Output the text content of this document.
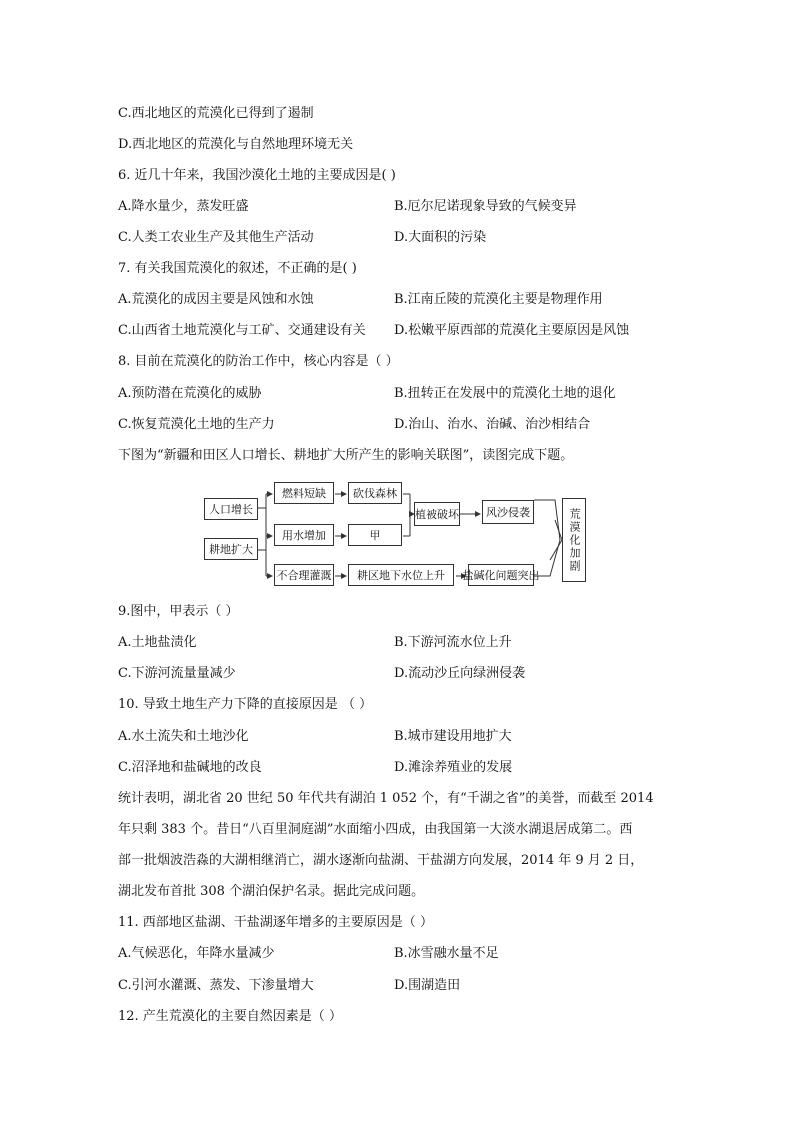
C.西北地区的荒漠化已得到了遏制
D.西北地区的荒漠化与自然地理环境无关
6. 近几十年来，我国沙漠化土地的主要成因是( )
A.降水量少，蒸发旺盛	B.厄尔尼诺现象导致的气候变异
C.人类工农业生产及其他生产活动	D.大面积的污染
7. 有关我国荒漠化的叙述，不正确的是( )
A.荒漠化的成因主要是风蚀和水蚀	B.江南丘陵的荒漠化主要是物理作用
C.山西省土地荒漠化与工矿、交通建设有关 D.松嫩平原西部的荒漠化主要原因是风蚀
8. 目前在荒漠化的防治工作中，核心内容是（ ）
A.预防潜在荒漠化的威胁	B.扭转正在发展中的荒漠化土地的退化
C.恢复荒漠化土地的生产力	D.治山、治水、治碱、治沙相结合
下图为“新疆和田区人口增长、耕地扩大所产生的影响关联图”，读图完成下题。
人口增长
耕地扩大
燃料短缺
用水增加
不合理灌溉
砍伐森林
甲
耕区地下水位上升
植被破坏	风沙侵袭
盐碱化问题突出
荒漠化加剧
9.图中，甲表示（ ）
A.土地盐渍化	B.下游河流水位上升
C.下游河流量量减少	D.流动沙丘向绿洲侵袭
10. 导致土地生产力下降的直接原因是 （ ）
A.水土流失和土地沙化	B.城市建设用地扩大
C.沼泽地和盐碱地的改良	D.滩涂养殖业的发展
统计表明，湖北省 20 世纪 50 年代共有湖泊 1 052 个，有“千湖之省”的美誉，而截至 2014
年只剩 383 个。昔日“八百里洞庭湖”水面缩小四成，由我国第一大淡水湖退居成第二。西
部一批烟波浩淼的大湖相继消亡，湖水逐渐向盐湖、干盐湖方向发展，2014 年 9 月 2 日，
湖北发布首批 308 个湖泊保护名录。据此完成问题。
11. 西部地区盐湖、干盐湖逐年增多的主要原因是（ ）
A.气候恶化，年降水量减少	B.冰雪融水量不足
C.引河水灌溉、蒸发、下渗量增大	D.围湖造田
12. 产生荒漠化的主要自然因素是（ ）
